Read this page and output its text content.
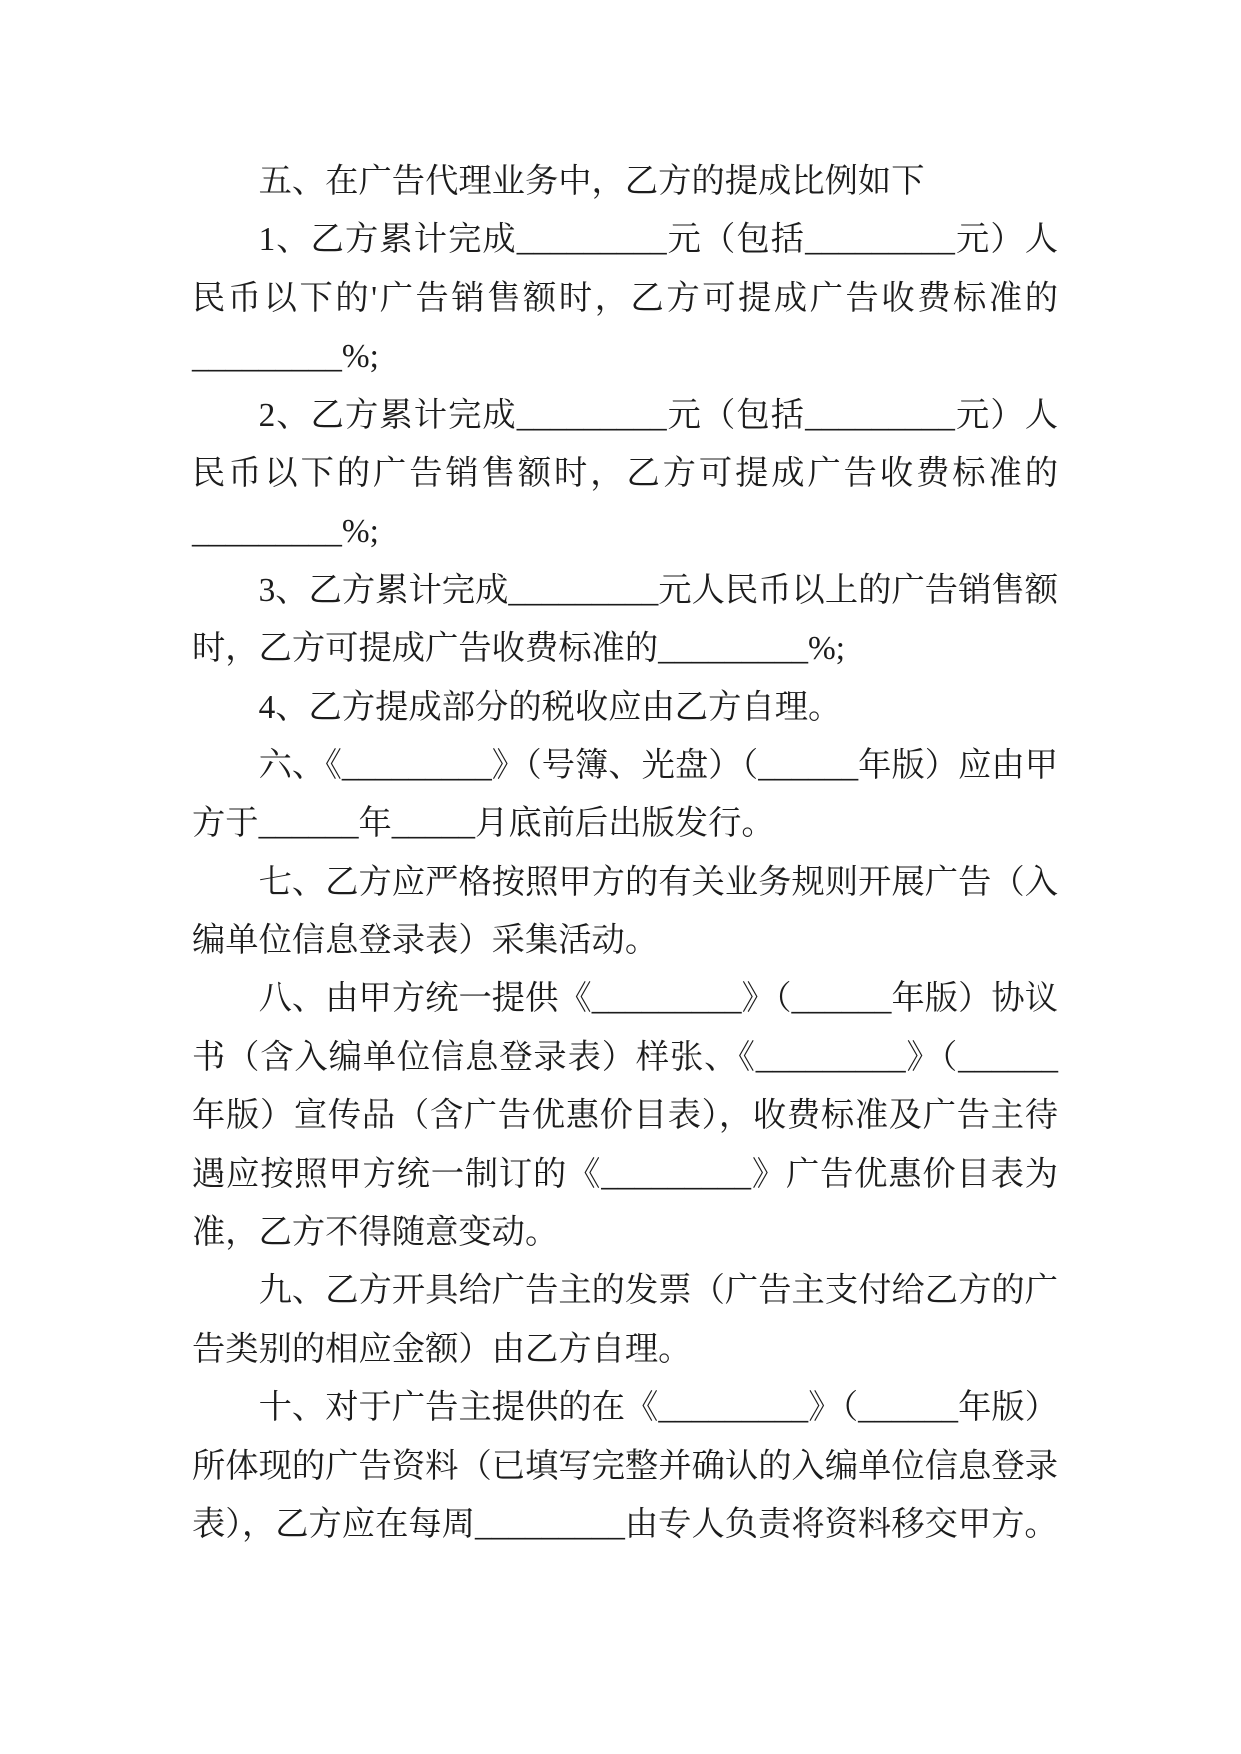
五、在广告代理业务中，乙方的提成比例如下
1、乙方累计完成_________元（包括_________元）人
民币以下的'广告销售额时，乙方可提成广告收费标准的
_________%;
2、乙方累计完成_________元（包括_________元）人
民币以下的广告销售额时，乙方可提成广告收费标准的
_________%;
3、乙方累计完成_________元人民币以上的广告销售额
时，乙方可提成广告收费标准的_________%;
4、乙方提成部分的税收应由乙方自理。
六、《_________》（号簿、光盘）（______年版）应由甲
方于______年_____月底前后出版发行。
七、乙方应严格按照甲方的有关业务规则开展广告（入
编单位信息登录表）采集活动。
八、由甲方统一提供《_________》（______年版）协议
书（含入编单位信息登录表）样张、《_________》（______
年版）宣传品（含广告优惠价目表），收费标准及广告主待
遇应按照甲方统一制订的《_________》广告优惠价目表为
准，乙方不得随意变动。
九、乙方开具给广告主的发票（广告主支付给乙方的广
告类别的相应金额）由乙方自理。
十、对于广告主提供的在《_________》（______年版）
所体现的广告资料（已填写完整并确认的入编单位信息登录
表），乙方应在每周_________由专人负责将资料移交甲方。
